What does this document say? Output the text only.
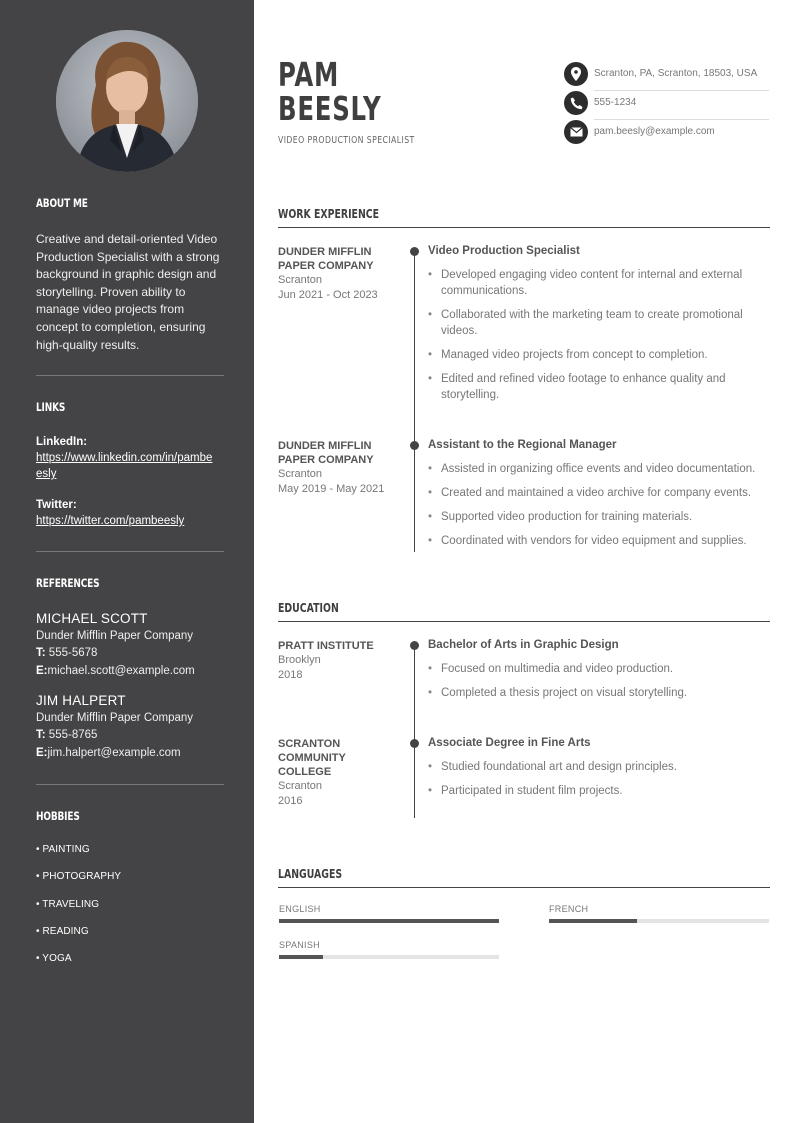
ABOUT ME
Creative and detail-oriented Video Production Specialist with a strong background in graphic design and storytelling. Proven ability to manage video projects from concept to completion, ensuring high-quality results.
LINKS
LinkedIn:
https://www.linkedin.com/in/pambeesly
Twitter:
https://twitter.com/pambeesly
REFERENCES
MICHAEL SCOTT
Dunder Mifflin Paper Company
T: 555-5678
E:michael.scott@example.com
JIM HALPERT
Dunder Mifflin Paper Company
T: 555-8765
E:jim.halpert@example.com
HOBBIES
• PAINTING
• PHOTOGRAPHY
• TRAVELING
• READING
• YOGA
PAM
BEESLY
VIDEO PRODUCTION SPECIALIST
Scranton, PA, Scranton, 18503, USA
555-1234
pam.beesly@example.com
WORK EXPERIENCE
DUNDER MIFFLIN
PAPER COMPANY
Scranton
Jun 2021 - Oct 2023
Video Production Specialist
• Developed engaging video content for internal and external communications.
• Collaborated with the marketing team to create promotional videos.
• Managed video projects from concept to completion.
• Edited and refined video footage to enhance quality and storytelling.
DUNDER MIFFLIN
PAPER COMPANY
Scranton
May 2019 - May 2021
Assistant to the Regional Manager
• Assisted in organizing office events and video documentation.
• Created and maintained a video archive for company events.
• Supported video production for training materials.
• Coordinated with vendors for video equipment and supplies.
EDUCATION
PRATT INSTITUTE
Brooklyn
2018
Bachelor of Arts in Graphic Design
• Focused on multimedia and video production.
• Completed a thesis project on visual storytelling.
SCRANTON
COMMUNITY
COLLEGE
Scranton
2016
Associate Degree in Fine Arts
• Studied foundational art and design principles.
• Participated in student film projects.
LANGUAGES
ENGLISH	FRENCH
SPANISH
